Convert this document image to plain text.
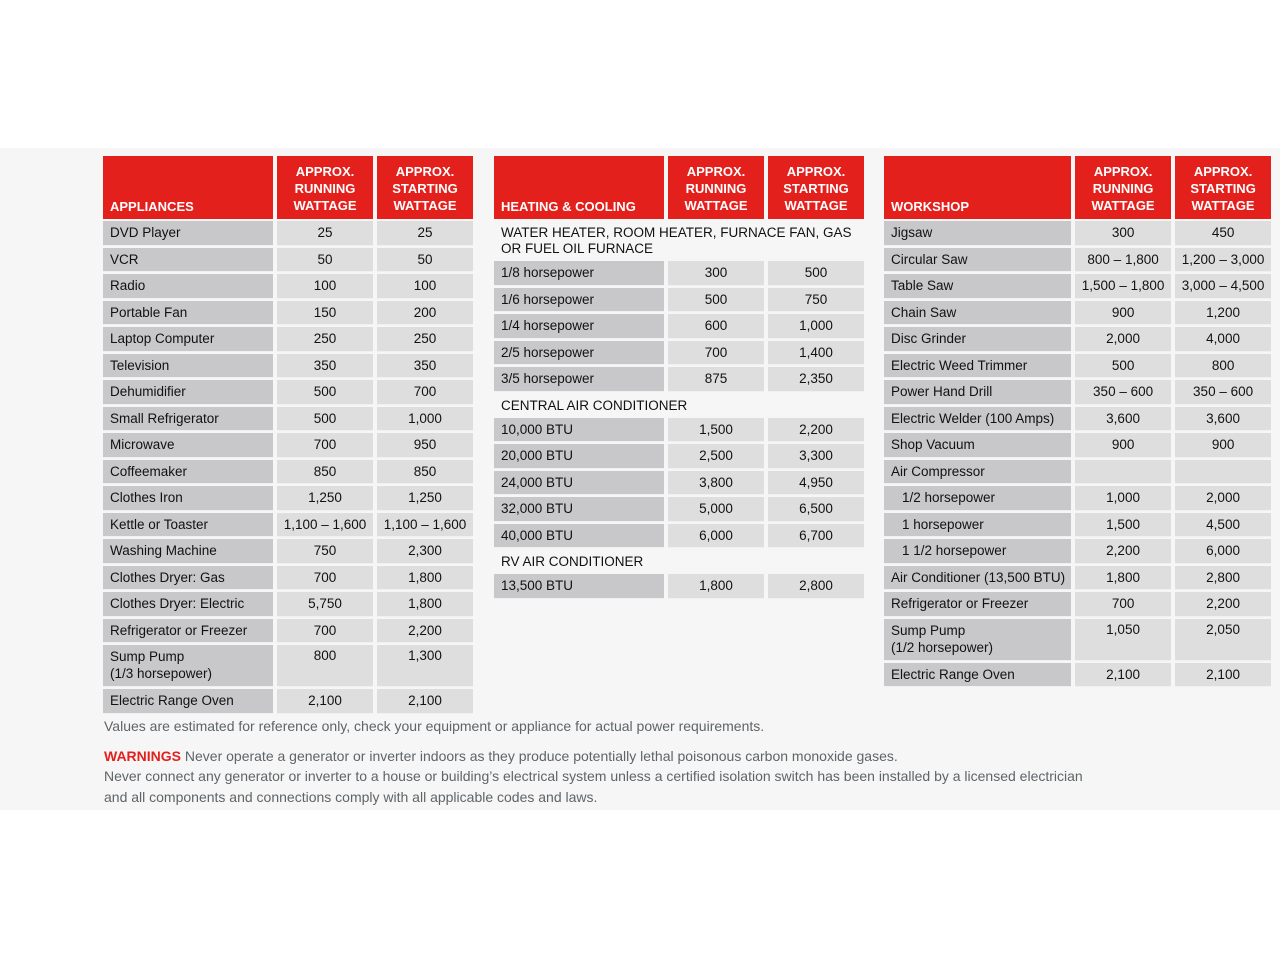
APPLIANCES	APPROX. RUNNING WATTAGE	APPROX. STARTING WATTAGE
DVD Player	25	25
VCR	50	50
Radio	100	100
Portable Fan	150	200
Laptop Computer	250	250
Television	350	350
Dehumidifier	500	700
Small Refrigerator	500	1,000
Microwave	700	950
Coffeemaker	850	850
Clothes Iron	1,250	1,250
Kettle or Toaster	1,100 – 1,600	1,100 – 1,600
Washing Machine	750	2,300
Clothes Dryer: Gas	700	1,800
Clothes Dryer: Electric	5,750	1,800
Refrigerator or Freezer	700	2,200

Sump Pump
(1/3 horsepower)	800	1,300
Electric Range Oven	2,100	2,100
HEATING & COOLING	APPROX. RUNNING WATTAGE	APPROX. STARTING WATTAGE
WATER HEATER, ROOM HEATER, FURNACE FAN, GAS OR FUEL OIL FURNACE		
1/8 horsepower	300	500
1/6 horsepower	500	750
1/4 horsepower	600	1,000
2/5 horsepower	700	1,400
3/5 horsepower	875	2,350
CENTRAL AIR CONDITIONER		
10,000 BTU	1,500	2,200
20,000 BTU	2,500	3,300
24,000 BTU	3,800	4,950
32,000 BTU	5,000	6,500
40,000 BTU	6,000	6,700
RV AIR CONDITIONER		
13,500 BTU	1,800	2,800
WORKSHOP	APPROX. RUNNING WATTAGE	APPROX. STARTING WATTAGE
Jigsaw	300	450
Circular Saw	800 – 1,800	1,200 – 3,000
Table Saw	1,500 – 1,800	3,000 – 4,500
Chain Saw	900	1,200
Disc Grinder	2,000	4,000
Electric Weed Trimmer	500	800
Power Hand Drill	350 – 600	350 – 600
Electric Welder (100 Amps)	3,600	3,600
Shop Vacuum	900	900
Air Compressor		
1/2 horsepower	1,000	2,000
1 horsepower	1,500	4,500
1 1/2 horsepower	2,200	6,000
Air Conditioner (13,500 BTU)	1,800	2,800
Refrigerator or Freezer	700	2,200

Sump Pump
(1/2 horsepower)	1,050	2,050
Electric Range Oven	2,100	2,100

Values are estimated for reference only, check your equipment or appliance for actual power requirements.

WARNINGS Never operate a generator or inverter indoors as they produce potentially lethal poisonous carbon monoxide gases.

Never connect any generator or inverter to a house or building’s electrical system unless a certified isolation switch has been installed by a licensed electrician and all components and connections comply with all applicable codes and laws.
